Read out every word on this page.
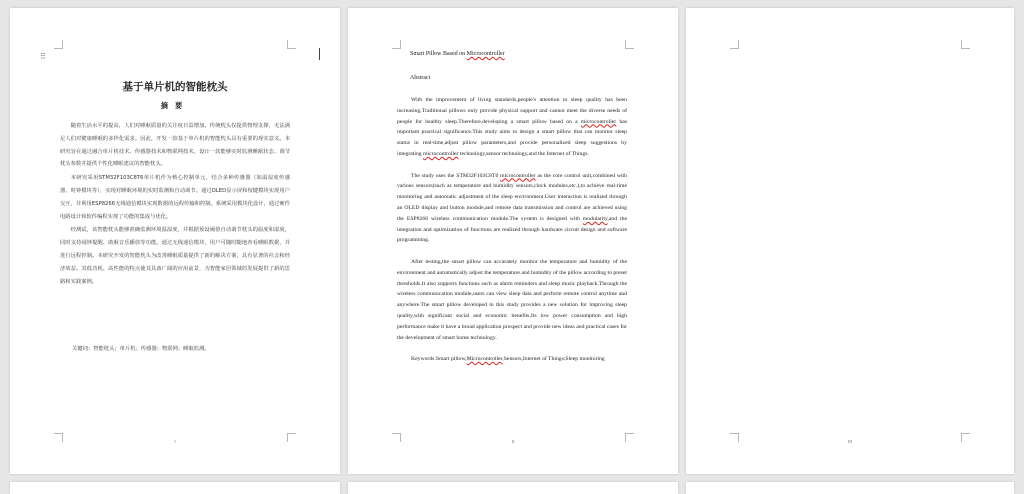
⠿
基于单片机的智能枕头
摘要

随着生活水平的提高，人们对睡眠质量的关注度日益增加。传统枕头仅提供物理支撑，无法满足人们对健康睡眠的多样化需求。因此，开发一款基于单片机的智能枕头具有重要的现实意义。本研究旨在通过融合单片机技术、传感器技术和物联网技术，设计一款能够实时监测睡眠状态、调节枕头参数并提供个性化睡眠建议的智能枕头。

本研究采用STM32F103C8T6单片机作为核心控制单元，结合多种传感器（如温湿度传感器、时钟模块等），实现对睡眠环境的实时监测和自动调节。通过OLED显示屏和按键模块实现用户交互，并利用ESP8266无线通信模块实现数据的远程传输和控制。系统采用模块化设计，通过硬件电路设计和软件编程实现了功能的集成与优化。

经测试，该智能枕头能够准确监测环境温湿度，并根据预设阈值自动调节枕头的温度和湿度，同时支持闹钟提醒、助眠音乐播放等功能。通过无线通信模块，用户可随时随地查看睡眠数据，并进行远程控制。本研究开发的智能枕头为改善睡眠质量提供了新的解决方案，具有显著的社会和经济效益。其低功耗、高性能的特点使其具备广阔的应用前景，为智能家居领域的发展提供了新的思路和实践案例。

关键词：智能枕头；单片机；传感器；物联网；睡眠监测。
I
Smart Pillow Based on Microcontroller
Abstract

With the improvement of living standards,people's attention to sleep quality has been increasing.Traditional pillows only provide physical support and cannot meet the diverse needs of people for healthy sleep.Therefore,developing a smart pillow based on a microcontroller has important practical significance.This study aims to design a smart pillow that can monitor sleep status in real-time,adjust pillow parameters,and provide personalized sleep suggestions by integrating microcontroller technology,sensor technology,and the Internet of Things.

The study uses the STM32F103C8T6 microcontroller as the core control unit,combined with various sensors(such as temperature and humidity sensors,clock modules,etc.),to achieve real-time monitoring and automatic adjustment of the sleep environment.User interaction is realized through an OLED display and button module,and remote data transmission and control are achieved using the ESP8266 wireless communication module.The system is designed with modularity,and the integration and optimization of functions are realized through hardware circuit design and software programming.

After testing,the smart pillow can accurately monitor the temperature and humidity of the environment and automatically adjust the temperature and humidity of the pillow according to preset thresholds.It also supports functions such as alarm reminders and sleep music playback.Through the wireless communication module,users can view sleep data and perform remote control anytime and anywhere.The smart pillow developed in this study provides a new solution for improving sleep quality,with significant social and economic benefits.Its low power consumption and high performance make it have a broad application prospect and provide new ideas and practical cases for the development of smart home technology.

Keywords:Smart pillow,Microcontroller,Sensors,Internet of Things;Sleep monitoring

II	III
